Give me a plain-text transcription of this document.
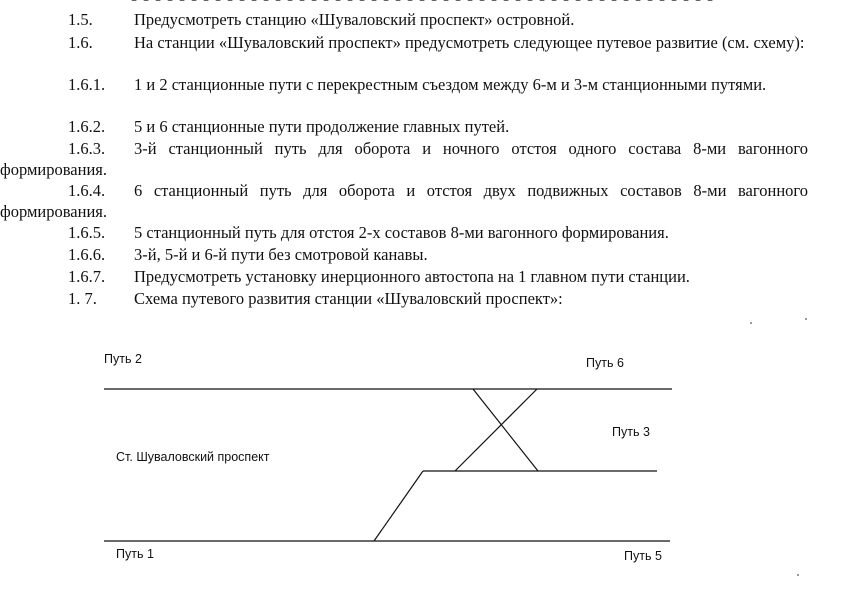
⁃ ⁃ ⁃ ⁃ ⁃ ⁃ ⁃ ⁃ ⁃ ⁃ ⁃ ⁃ ⁃ ⁃ ⁃ ⁃ ⁃ ⁃ ⁃ ⁃ ⁃ ⁃ ⁃ ⁃ ⁃ ⁃ ⁃ ⁃ ⁃ ⁃ ⁃ ⁃ ⁃ ⁃ ⁃ ⁃ ⁃ ⁃ ⁃ ⁃ ⁃ ⁃ ⁃ ⁃ ⁃ ⁃ ⁃ ⁃ ⁃
1.5.	Предусмотреть станцию «Шуваловский проспект» островной.
1.6.	На станции «Шуваловский проспект» предусмотреть следующее путевое развитие (см. схему):
1.6.1. 1 и 2 станционные пути с перекрестным съездом между 6-м и 3-м станционными путями.
1.6.2. 5 и 6 станционные пути продолжение главных путей.
1.6.3. 3-й станционный путь для оборота и ночного отстоя одного состава 8-ми вагонного формирования.
1.6.4. 6 станционный путь для оборота и отстоя двух подвижных составов 8-ми вагонного формирования.
1.6.5. 5 станционный путь для отстоя 2-х составов 8-ми вагонного формирования.
1.6.6. 3-й, 5-й и 6-й пути без смотровой канавы.
1.6.7. Предусмотреть установку инерционного автостопа на 1 главном пути станции.
1. 7. Схема путевого развития станции «Шуваловский проспект»:
Путь 2	Путь 6
Путь 3
Ст. Шуваловский проспект
Путь 1	Путь 5
